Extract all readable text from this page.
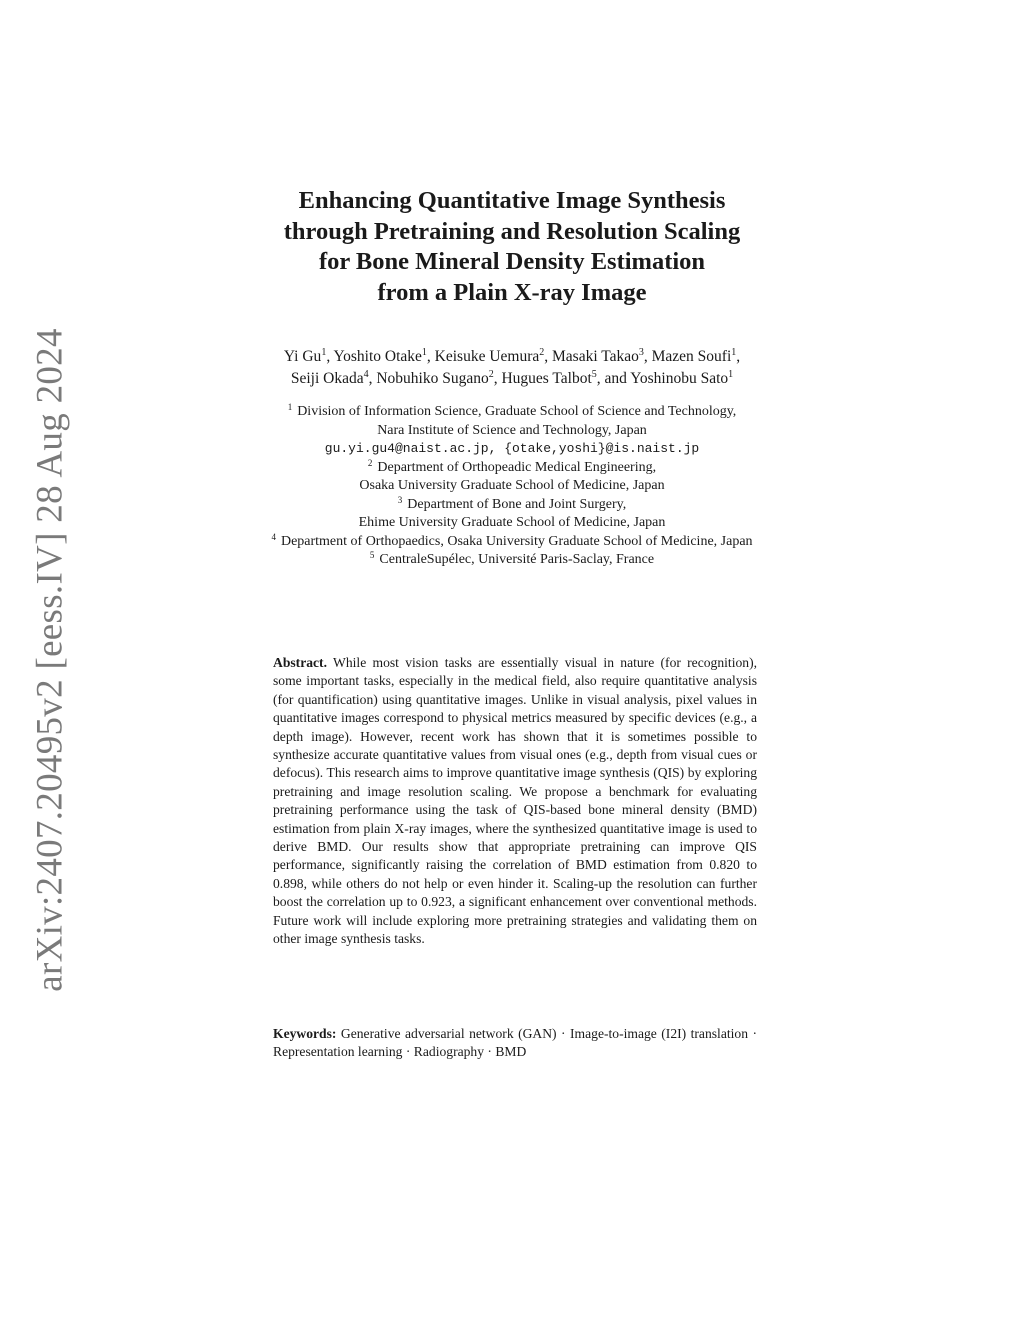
arXiv:2407.20495v2 [eess.IV] 28 Aug 2024
Enhancing Quantitative Image Synthesis
through Pretraining and Resolution Scaling
for Bone Mineral Density Estimation
from a Plain X-ray Image
Yi Gu$^1$, Yoshito Otake$^1$, Keisuke Uemura$^2$, Masaki Takao$^3$, Mazen Soufi$^1$,
Seiji Okada$^4$, Nobuhiko Sugano$^2$, Hugues Talbot$^5$, and Yoshinobu Sato$^1$
$^1$ Division of Information Science, Graduate School of Science and Technology,
Nara Institute of Science and Technology, Japan
gu.yi.gu4@naist.ac.jp, {otake,yoshi}@is.naist.jp
$^2$ Department of Orthopeadic Medical Engineering,
Osaka University Graduate School of Medicine, Japan
$^3$ Department of Bone and Joint Surgery,
Ehime University Graduate School of Medicine, Japan
$^4$ Department of Orthopaedics, Osaka University Graduate School of Medicine, Japan
$^5$ CentraleSupélec, Université Paris-Saclay, France
Abstract. While most vision tasks are essentially visual in nature (for recognition), some important tasks, especially in the medical field, also require quantitative analysis (for quantification) using quantitative images. Unlike in visual analysis, pixel values in quantitative images correspond to physical metrics measured by specific devices (e.g., a depth image). However, recent work has shown that it is sometimes possible to synthesize accurate quantitative values from visual ones (e.g., depth from visual cues or defocus). This research aims to improve quantitative image synthesis (QIS) by exploring pretraining and image resolution scaling. We propose a benchmark for evaluating pretraining performance using the task of QIS-based bone mineral density (BMD) estimation from plain X-ray images, where the synthesized quantitative image is used to derive BMD. Our results show that appropriate pretraining can improve QIS performance, significantly raising the correlation of BMD estimation from 0.820 to 0.898, while others do not help or even hinder it. Scaling-up the resolution can further boost the correlation up to 0.923, a significant enhancement over conventional methods. Future work will include exploring more pretraining strategies and validating them on other image synthesis tasks.
Keywords: Generative adversarial network (GAN) · Image-to-image (I2I) translation · Representation learning · Radiography · BMD
